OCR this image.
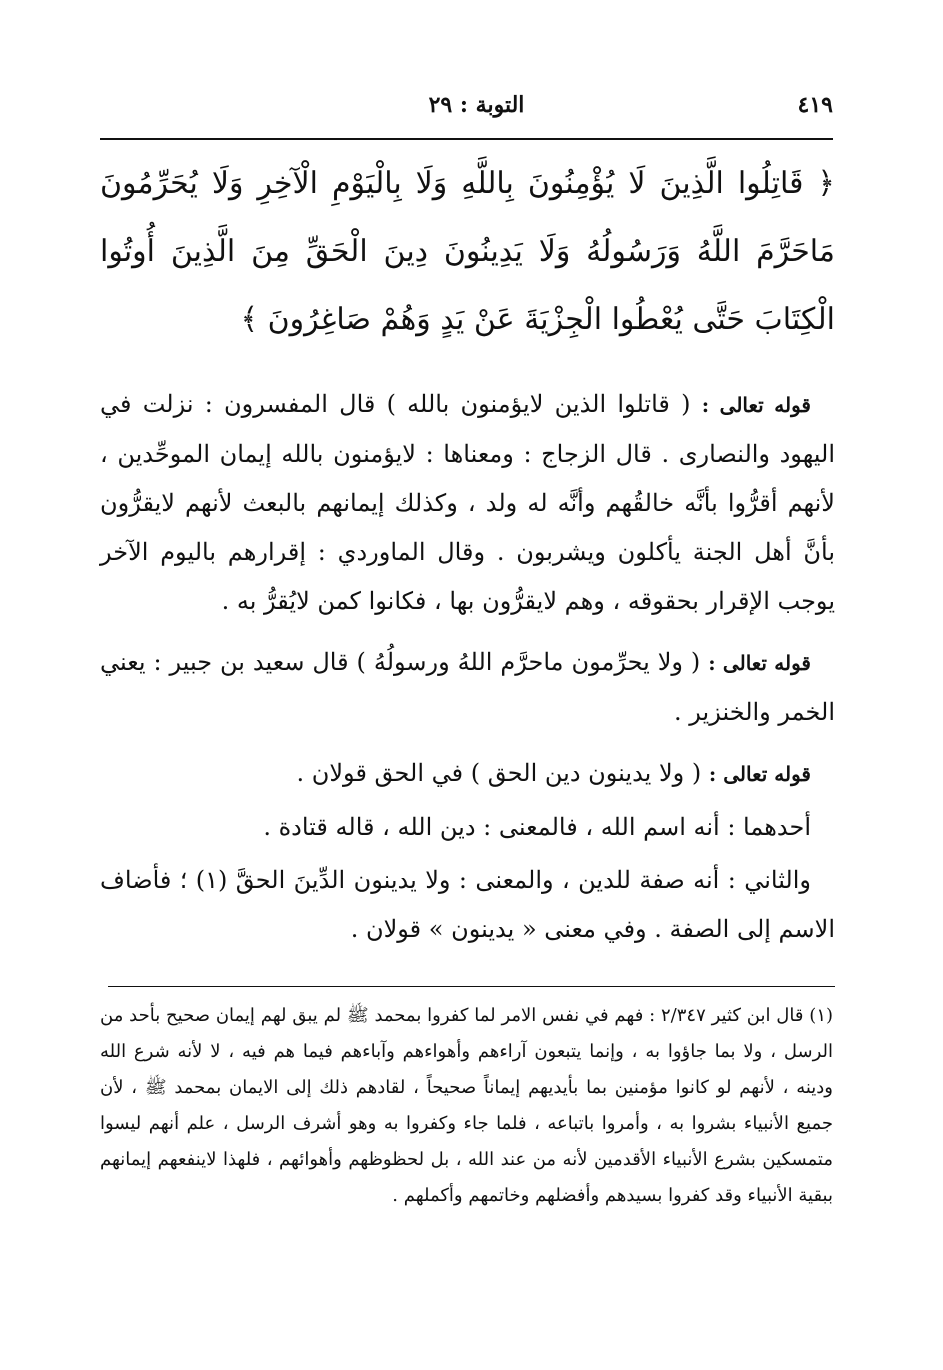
التوبة : ٢٩	٤١٩
﴿ قَاتِلُوا الَّذِينَ لَا يُؤْمِنُونَ بِاللَّهِ وَلَا بِالْيَوْمِ الْآخِرِ وَلَا يُحَرِّمُونَ مَاحَرَّمَ اللَّهُ وَرَسُولُهُ وَلَا يَدِينُونَ دِينَ الْحَقِّ مِنَ الَّذِينَ أُوتُوا الْكِتَابَ حَتَّى يُعْطُوا الْجِزْيَةَ عَنْ يَدٍ وَهُمْ صَاغِرُونَ ﴾

قوله تعالى : ( قاتلوا الذين لايؤمنون بالله ) قال المفسرون : نزلت في اليهود والنصارى . قال الزجاج : ومعناها : لايؤمنون بالله إيمان الموحِّدين ، لأنهم أقرُّوا بأنَّه خالقُهم وأنَّه له ولد ، وكذلك إيمانهم بالبعث لأنهم لايقرُّون بأنَّ أهل الجنة يأكلون ويشربون . وقال الماوردي : إقرارهم باليوم الآخر يوجب الإقرار بحقوقه ، وهم لايقرُّون بها ، فكانوا كمن لايُقرُّ به .

قوله تعالى : ( ولا يحرِّمون ماحرَّم اللهُ ورسولُهُ ) قال سعيد بن جبير : يعني الخمر والخنزير .

قوله تعالى : ( ولا يدينون دين الحق ) في الحق قولان .

أحدهما : أنه اسم الله ، فالمعنى : دين الله ، قاله قتادة .

والثاني : أنه صفة للدين ، والمعنى : ولا يدينون الدِّينَ الحقَّ (١) ؛ فأضاف الاسم إلى الصفة . وفي معنى « يدينون » قولان .

(١) قال ابن كثير ٢/٣٤٧ : فهم في نفس الامر لما كفروا بمحمد ﷺ لم يبق لهم إيمان صحيح بأحد من الرسل ، ولا بما جاؤوا به ، وإنما يتبعون آراءهم وأهواءهم وآباءهم فيما هم فيه ، لا لأنه شرع الله ودينه ، لأنهم لو كانوا مؤمنين بما بأيديهم إيماناً صحيحاً ، لقادهم ذلك إلى الايمان بمحمد ﷺ ، لأن جميع الأنبياء بشروا به ، وأمروا باتباعه ، فلما جاء وكفروا به وهو أشرف الرسل ، علم أنهم ليسوا متمسكين بشرع الأنبياء الأقدمين لأنه من عند الله ، بل لحظوظهم وأهوائهم ، فلهذا لاينفعهم إيمانهم ببقية الأنبياء وقد كفروا بسيدهم وأفضلهم وخاتمهم وأكملهم .
